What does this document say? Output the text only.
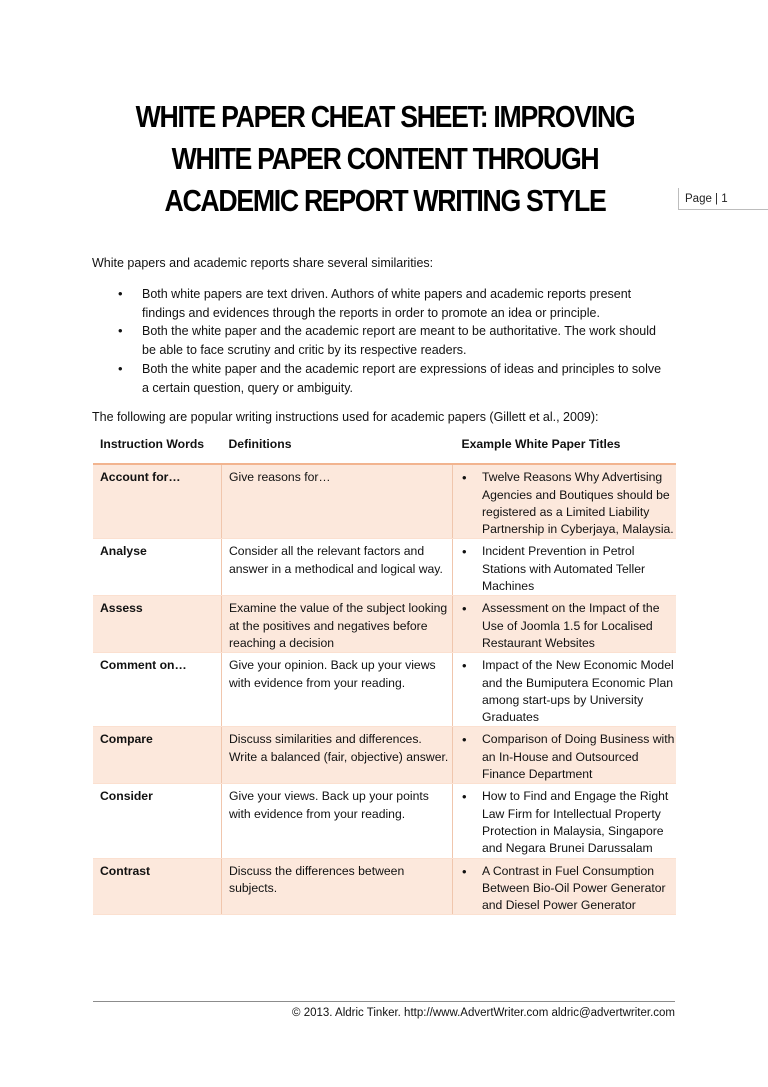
WHITE PAPER CHEAT SHEET: IMPROVING
WHITE PAPER CONTENT THROUGH
ACADEMIC REPORT WRITING STYLE	Page | 1
White papers and academic reports share several similarities:
• Both white papers are text driven. Authors of white papers and academic reports present findings and evidences through the reports in order to promote an idea or principle.
• Both the white paper and the academic report are meant to be authoritative. The work should be able to face scrutiny and critic by its respective readers.
• Both the white paper and the academic report are expressions of ideas and principles to solve a certain question, query or ambiguity.
The following are popular writing instructions used for academic papers (Gillett et al., 2009):
Instruction Words	Definitions	Example White Paper Titles
Account for…	Give reasons for…	• Twelve Reasons Why Advertising Agencies and Boutiques should be registered as a Limited Liability Partnership in Cyberjaya, Malaysia.
Analyse	Consider all the relevant factors and answer in a methodical and logical way.	• Incident Prevention in Petrol Stations with Automated Teller Machines
Assess	Examine the value of the subject looking at the positives and negatives before reaching a decision	• Assessment on the Impact of the Use of Joomla 1.5 for Localised Restaurant Websites
Comment on…	Give your opinion. Back up your views with evidence from your reading.	• Impact of the New Economic Model and the Bumiputera Economic Plan among start-ups by University Graduates
Compare	Discuss similarities and differences. Write a balanced (fair, objective) answer.	• Comparison of Doing Business with an In-House and Outsourced Finance Department
Consider	Give your views. Back up your points with evidence from your reading.	• How to Find and Engage the Right Law Firm for Intellectual Property Protection in Malaysia, Singapore and Negara Brunei Darussalam
Contrast	Discuss the differences between subjects.	• A Contrast in Fuel Consumption Between Bio-Oil Power Generator and Diesel Power Generator
© 2013. Aldric Tinker. http://www.AdvertWriter.com aldric@advertwriter.com
